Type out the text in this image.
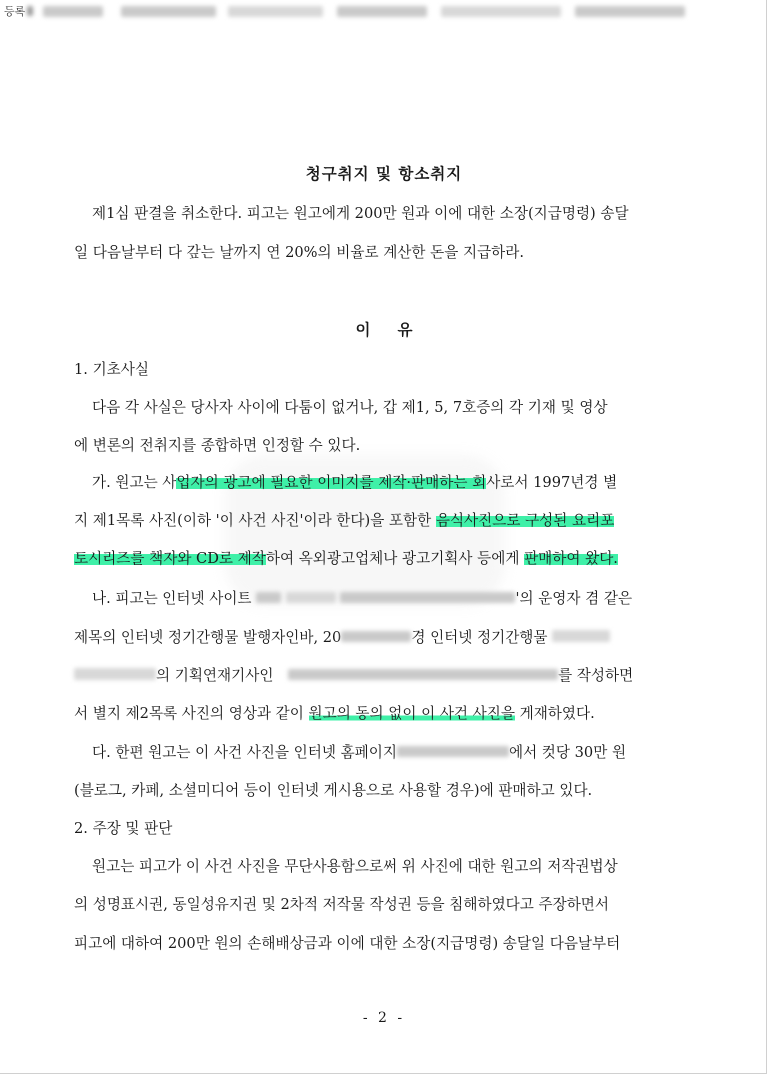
등록
청구취지 및 항소취지
제1심 판결을 취소한다. 피고는 원고에게 200만 원과 이에 대한 소장(지급명령) 송달
일 다음날부터 다 갚는 날까지 연 20%의 비율로 계산한 돈을 지급하라.
이     유
1. 기초사실
다음 각 사실은 당사자 사이에 다툼이 없거나, 갑 제1, 5, 7호증의 각 기재 및 영상
에 변론의 전취지를 종합하면 인정할 수 있다.
가. 원고는 사업자의 광고에 필요한 이미지를 제작·판매하는 회사로서 1997년경 별
지 제1목록 사진(이하 '이 사건 사진'이라 한다)을 포함한 음식사진으로 구성된 요리포
토시리즈를 책자와 CD로 제작하여 옥외광고업체나 광고기획사 등에게 판매하여 왔다.
나. 피고는 인터넷 사이트	'의 운영자 겸 같은
제목의 인터넷 정기간행물 발행자인바, 20	경 인터넷 정기간행물
의 기획연재기사인	를 작성하면
서 별지 제2목록 사진의 영상과 같이 원고의 동의 없이 이 사건 사진을 게재하였다.
다. 한편 원고는 이 사건 사진을 인터넷 홈페이지	에서 컷당 30만 원
(블로그, 카페, 소셜미디어 등이 인터넷 게시용으로 사용할 경우)에 판매하고 있다.
2. 주장 및 판단
원고는 피고가 이 사건 사진을 무단사용함으로써 위 사진에 대한 원고의 저작권법상
의 성명표시권, 동일성유지권 및 2차적 저작물 작성권 등을 침해하였다고 주장하면서
피고에 대하여 200만 원의 손해배상금과 이에 대한 소장(지급명령) 송달일 다음날부터
- 2 -
